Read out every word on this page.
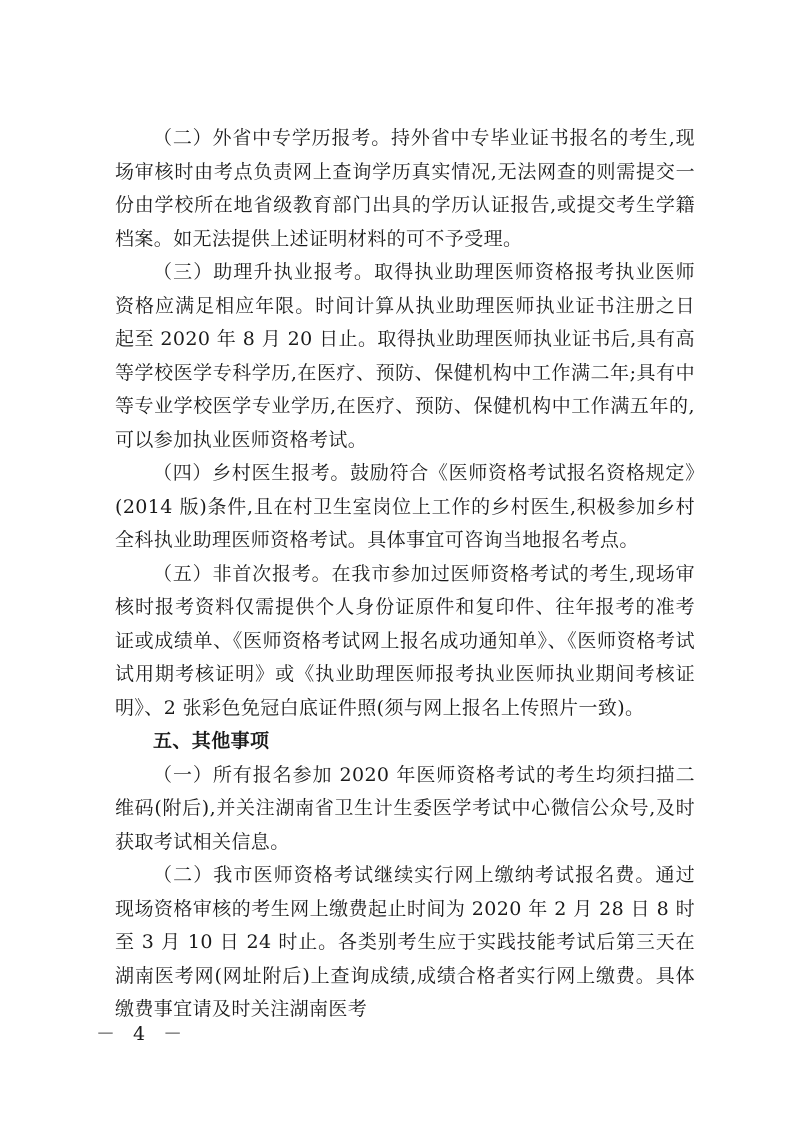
（二）外省中专学历报考。持外省中专毕业证书报名的考生,现场审核时由考点负责网上查询学历真实情况,无法网查的则需提交一份由学校所在地省级教育部门出具的学历认证报告,或提交考生学籍档案。如无法提供上述证明材料的可不予受理。

（三）助理升执业报考。取得执业助理医师资格报考执业医师资格应满足相应年限。时间计算从执业助理医师执业证书注册之日起至 2020 年 8 月 20 日止。取得执业助理医师执业证书后,具有高等学校医学专科学历,在医疗、预防、保健机构中工作满二年;具有中等专业学校医学专业学历,在医疗、预防、保健机构中工作满五年的,可以参加执业医师资格考试。

（四）乡村医生报考。鼓励符合《医师资格考试报名资格规定》(2014 版)条件,且在村卫生室岗位上工作的乡村医生,积极参加乡村全科执业助理医师资格考试。具体事宜可咨询当地报名考点。

（五）非首次报考。在我市参加过医师资格考试的考生,现场审核时报考资料仅需提供个人身份证原件和复印件、往年报考的准考证或成绩单、《医师资格考试网上报名成功通知单》、《医师资格考试试用期考核证明》或《执业助理医师报考执业医师执业期间考核证明》、2 张彩色免冠白底证件照(须与网上报名上传照片一致)。

五、其他事项

（一）所有报名参加 2020 年医师资格考试的考生均须扫描二维码(附后),并关注湖南省卫生计生委医学考试中心微信公众号,及时获取考试相关信息。

（二）我市医师资格考试继续实行网上缴纳考试报名费。通过现场资格审核的考生网上缴费起止时间为 2020 年 2 月 28 日 8 时至 3 月 10 日 24 时止。各类别考生应于实践技能考试后第三天在湖南医考网(网址附后)上查询成绩,成绩合格者实行网上缴费。具体缴费事宜请及时关注湖南医考

－ 4 －
